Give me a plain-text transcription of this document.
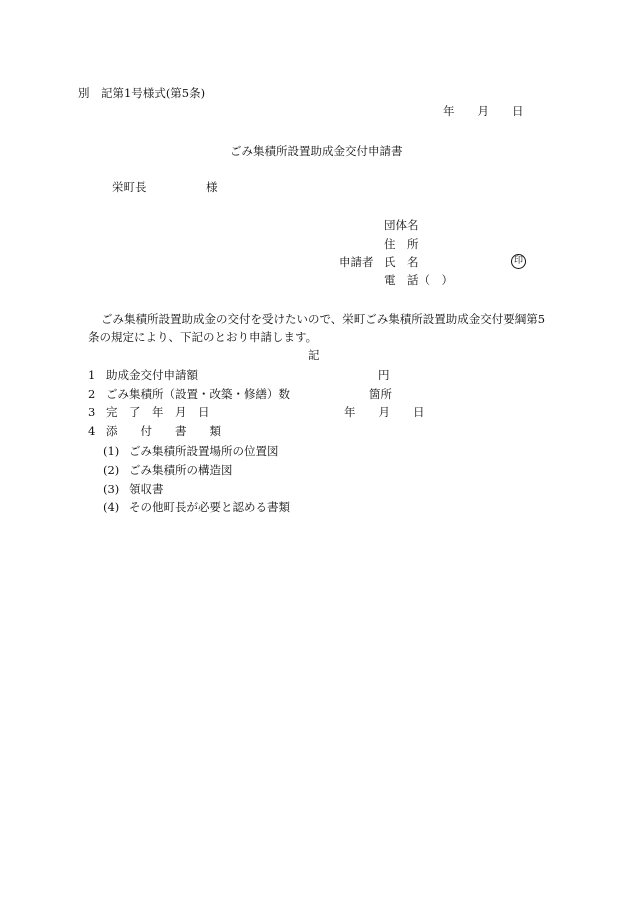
別　記第1号様式(第5条)
年　　月　　日
ごみ集積所設置助成金交付申請書
栄町長	様
団体名
住　所
申請者 氏　名	印
電　話（　）
ごみ集積所設置助成金の交付を受けたいので、栄町ごみ集積所設置助成金交付要綱第5
条の規定により、下記のとおり申請します。
記
1 助成金交付申請額	円
2 ごみ集積所（設置・改築・修繕）数	箇所
3 完　了　年　月　日	年　　月　　日
4 添　　付　　書　　類
(1) ごみ集積所設置場所の位置図
(2) ごみ集積所の構造図
(3) 領収書
(4) その他町長が必要と認める書類
